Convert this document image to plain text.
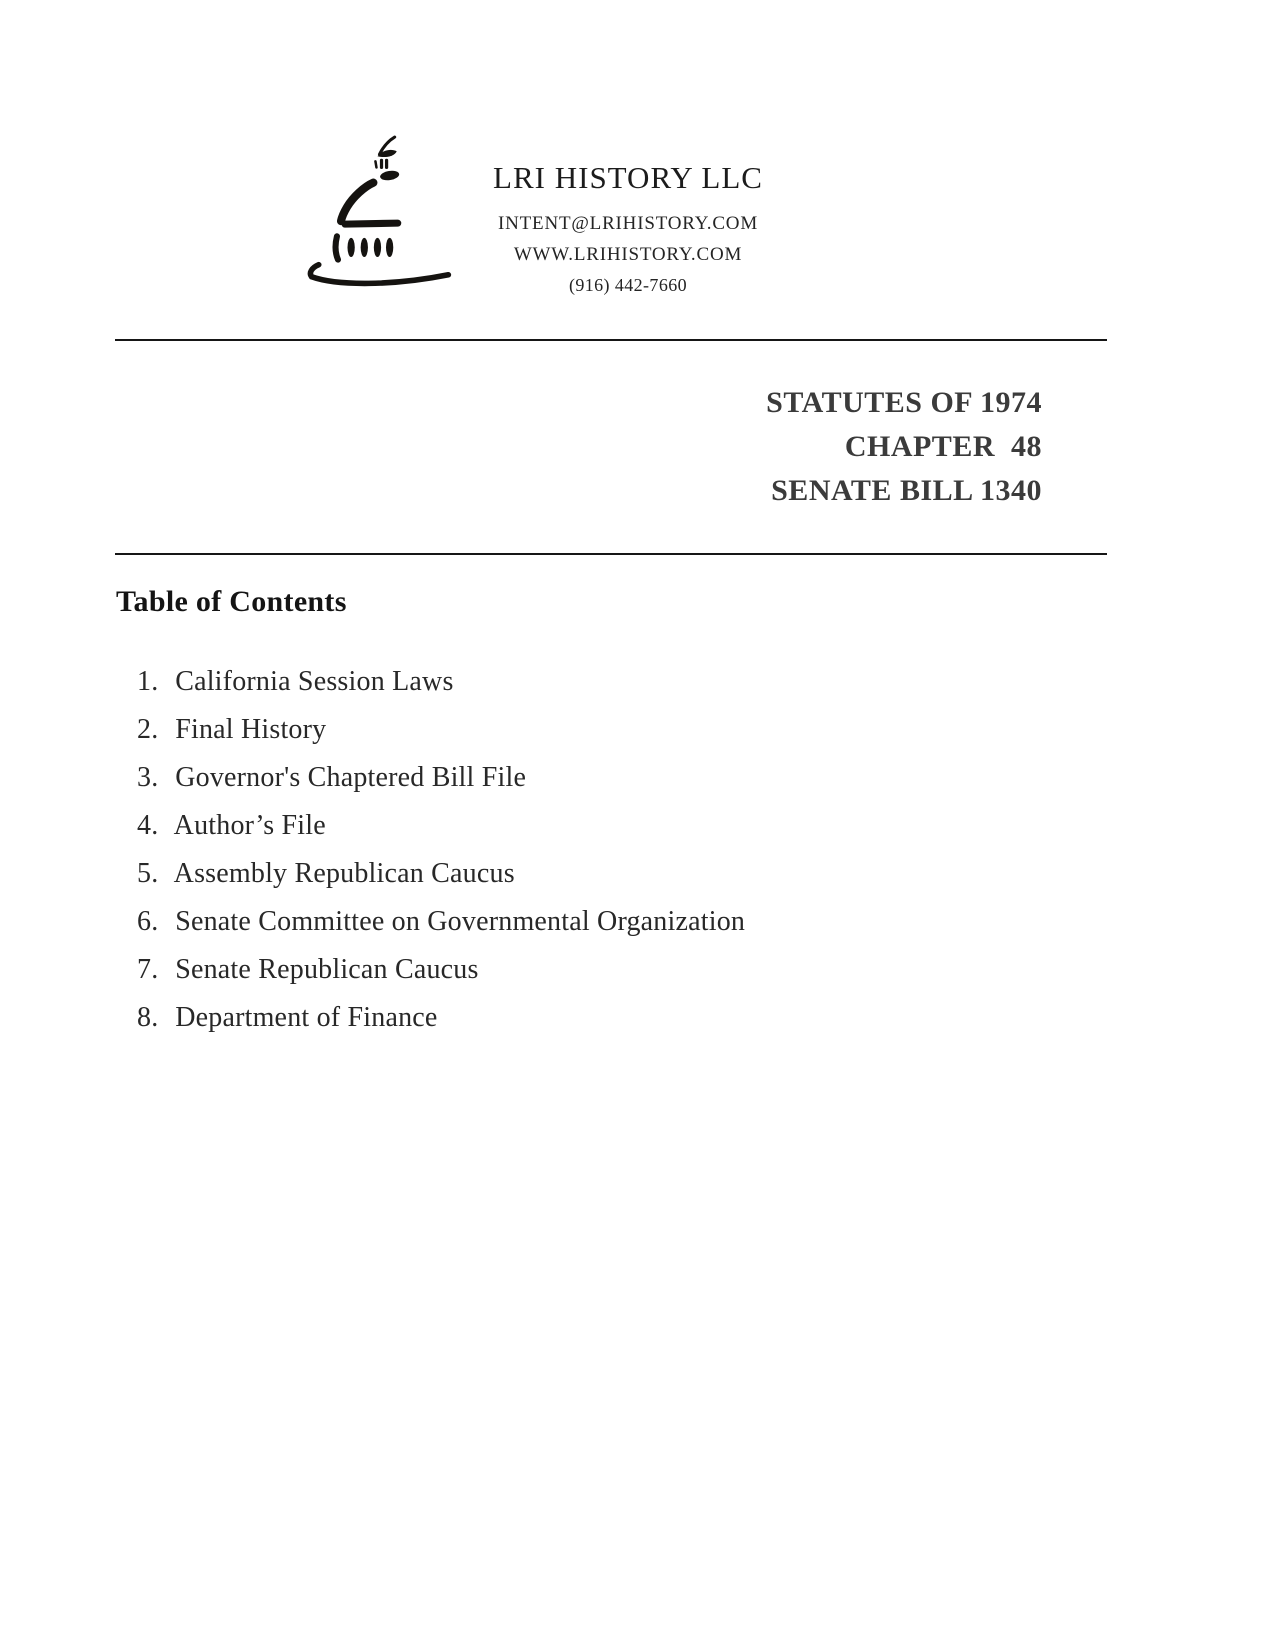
LRI HISTORY LLC
INTENT@LRIHISTORY.COM
WWW.LRIHISTORY.COM
(916) 442-7660
STATUTES OF 1974
CHAPTER  48
SENATE BILL 1340
Table of Contents
1. California Session Laws
2. Final History
3. Governor's Chaptered Bill File
4. Author’s File
5. Assembly Republican Caucus
6. Senate Committee on Governmental Organization
7. Senate Republican Caucus
8. Department of Finance
